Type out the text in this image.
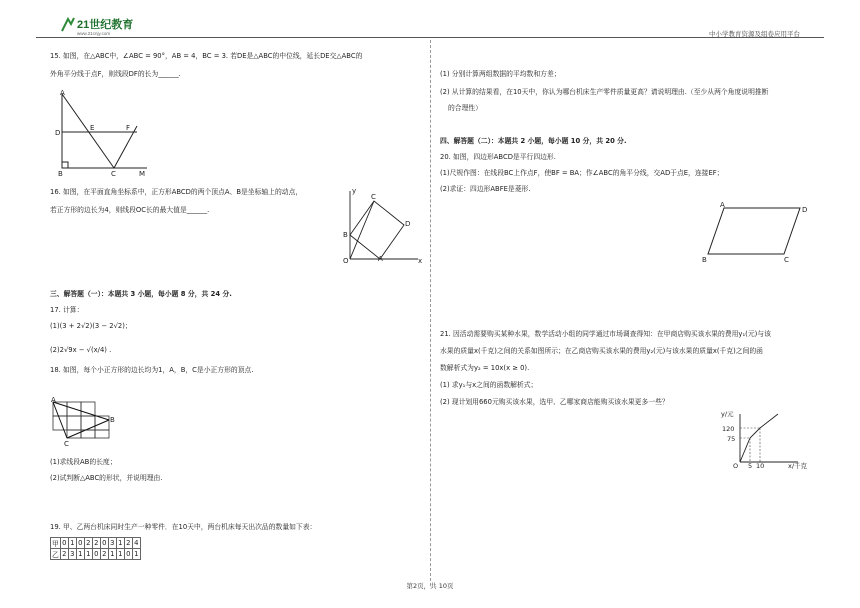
21世纪教育
www.21cnjy.com	中小学教育资源及组卷应用平台
15. 如图，在△ABC中，∠ABC = 90°，AB = 4，BC = 3. 若DE是△ABC的中位线，延长DE交△ABC的
外角平分线于点F，则线段DF的长为______.
A
D
E	F
B	C	M
16. 如图，在平面直角坐标系中，正方形ABCD的两个顶点A、B是坐标轴上的动点，
若正方形的边长为4，则线段OC长的最大值是______.
y
x
O	A
B
C
D
三、解答题（一）：本题共 3 小题，每小题 8 分，共 24 分.
17. 计算：
(1)(3 + 2√2)(3 − 2√2)；
(2)2√9x − √(x/4) .
18. 如图，每个小正方形的边长均为1，A，B，C是小正方形的顶点.
A
B
C
(1)求线段AB的长度；
(2)试判断△ABC的形状，并说明理由.
19. 甲、乙两台机床同时生产一种零件．在10天中，两台机床每天出次品的数量如下表：
甲	0	1	0	2	2	0	3	1	2	4
乙	2	3	1	1	0	2	1	1	0	1
(1) 分别计算两组数据的平均数和方差；
(2) 从计算的结果看，在10天中，你认为哪台机床生产零件质量更高？请说明理由.（至少从两个角度说明推断
的合理性）
四、解答题（二）：本题共 2 小题，每小题 10 分，共 20 分.
20. 如图，四边形ABCD是平行四边形.
(1)尺规作图：在线段BC上作点F，使BF = BA；作∠ABC的角平分线，交AD于点E，连接EF；
(2)求证：四边形ABFE是菱形.
A
D
B	C
21. 因活动需要购买某种水果，数学活动小组的同学通过市场调查得知：在甲商店购买该水果的费用y₁(元)与该
水果的质量x(千克)之间的关系如图所示；在乙商店购买该水果的费用y₂(元)与该水果的质量x(千克)之间的函
数解析式为y₂ = 10x(x ≥ 0).
(1) 求y₁与x之间的函数解析式；
(2) 现计划用660元购买该水果，选甲、乙哪家商店能购买该水果更多一些？
y/元
120
75
O 5 10	x/千克
第2页，共 10页
